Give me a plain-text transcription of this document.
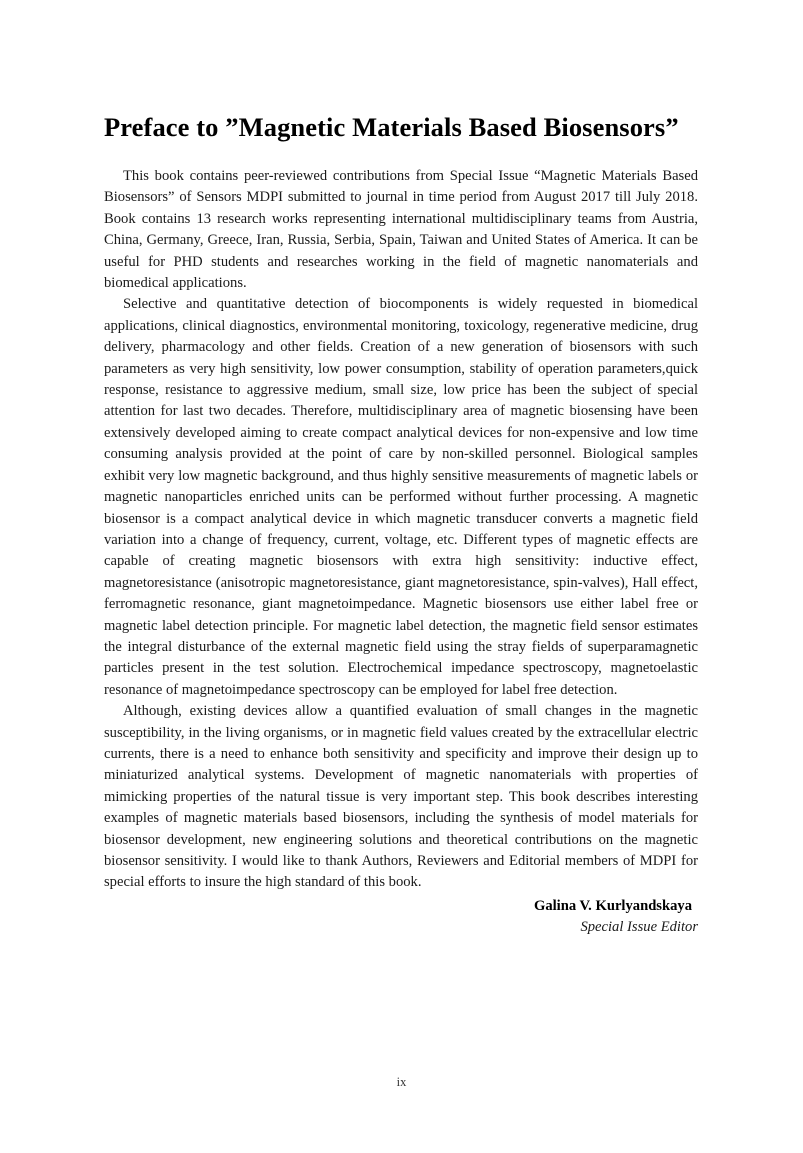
Preface to ”Magnetic Materials Based Biosensors”

This book contains peer-reviewed contributions from Special Issue “Magnetic Materials Based Biosensors” of Sensors MDPI submitted to journal in time period from August 2017 till July 2018. Book contains 13 research works representing international multidisciplinary teams from Austria, China, Germany, Greece, Iran, Russia, Serbia, Spain, Taiwan and United States of America. It can be useful for PHD students and researches working in the field of magnetic nanomaterials and biomedical applications.

Selective and quantitative detection of biocomponents is widely requested in biomedical applications, clinical diagnostics, environmental monitoring, toxicology, regenerative medicine, drug delivery, pharmacology and other fields. Creation of a new generation of biosensors with such parameters as very high sensitivity, low power consumption, stability of operation parameters,quick response, resistance to aggressive medium, small size, low price has been the subject of special attention for last two decades. Therefore, multidisciplinary area of magnetic biosensing have been extensively developed aiming to create compact analytical devices for non-expensive and low time consuming analysis provided at the point of care by non-skilled personnel. Biological samples exhibit very low magnetic background, and thus highly sensitive measurements of magnetic labels or magnetic nanoparticles enriched units can be performed without further processing. A magnetic biosensor is a compact analytical device in which magnetic transducer converts a magnetic field variation into a change of frequency, current, voltage, etc. Different types of magnetic effects are capable of creating magnetic biosensors with extra high sensitivity: inductive effect, magnetoresistance (anisotropic magnetoresistance, giant magnetoresistance, spin-valves), Hall effect, ferromagnetic resonance, giant magnetoimpedance. Magnetic biosensors use either label free or magnetic label detection principle. For magnetic label detection, the magnetic field sensor estimates the integral disturbance of the external magnetic field using the stray fields of superparamagnetic particles present in the test solution. Electrochemical impedance spectroscopy, magnetoelastic resonance of magnetoimpedance spectroscopy can be employed for label free detection.

Although, existing devices allow a quantified evaluation of small changes in the magnetic susceptibility, in the living organisms, or in magnetic field values created by the extracellular electric currents, there is a need to enhance both sensitivity and specificity and improve their design up to miniaturized analytical systems. Development of magnetic nanomaterials with properties of mimicking properties of the natural tissue is very important step. This book describes interesting examples of magnetic materials based biosensors, including the synthesis of model materials for biosensor development, new engineering solutions and theoretical contributions on the magnetic biosensor sensitivity. I would like to thank Authors, Reviewers and Editorial members of MDPI for special efforts to insure the high standard of this book.

Galina V. Kurlyandskaya
Special Issue Editor
ix
